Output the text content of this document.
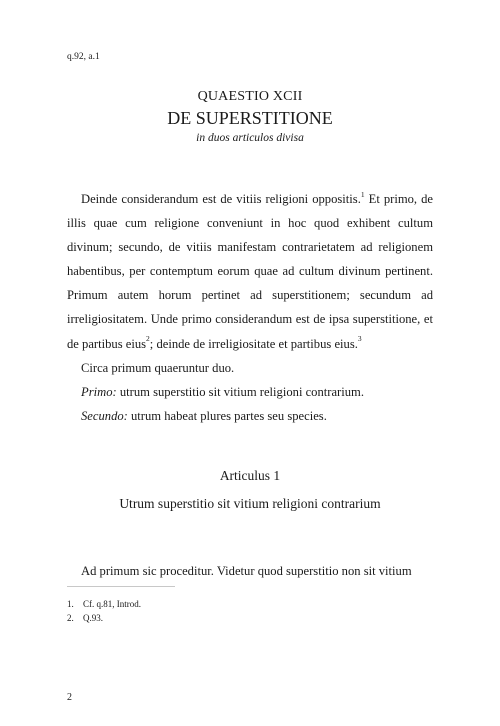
q.92, a.1
QUAESTIO XCII
DE SUPERSTITIONE
in duos articulos divisa

Deinde considerandum est de vitiis religioni oppositis.$^1$ Et primo, de illis quae cum religione conveniunt in hoc quod exhibent cultum divinum; secundo, de vitiis manifestam contrarietatem ad religionem habentibus, per contemptum eorum quae ad cultum divinum pertinent. Primum autem horum pertinet ad superstitionem; secundum ad irreligiositatem. Unde primo considerandum est de ipsa superstitione, et de partibus eius$^2$; deinde de irreligiositate et partibus eius.$^3$

Circa primum quaeruntur duo.

Primo: utrum superstitio sit vitium religioni contrarium.

Secundo: utrum habeat plures partes seu species.

Articulus 1
Utrum superstitio sit vitium religioni contrarium
Ad primum sic proceditur. Videtur quod superstitio non sit vitium
1.	Cf. q.81, Introd.
2.	Q.93.
2
